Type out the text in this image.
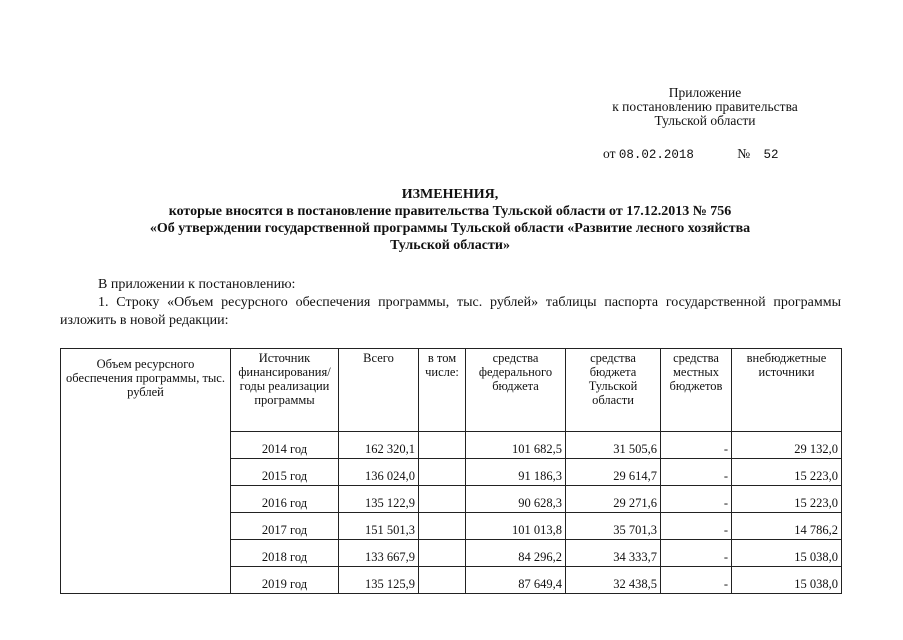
Приложение
к постановлению правительства
Тульской области
от 08.02.2018	№ 52
ИЗМЕНЕНИЯ,
которые вносятся в постановление правительства Тульской области от 17.12.2013 № 756
«Об утверждении государственной программы Тульской области «Развитие лесного хозяйства
Тульской области»

В приложении к постановлению:

1. Строку «Объем ресурсного обеспечения программы, тыс. рублей» таблицы паспорта государственной программы изложить в новой редакции:

Объем ресурсного обеспечения программы, тыс. рублей	Источник финансирования/ годы реализации программы	Всего	в том числе:	средства федерального бюджета	средства бюджета Тульской области	средства местных бюджетов	внебюджетные источники
	2014 год	162 320,1		101 682,5	31 505,6	-	29 132,0
	2015 год	136 024,0		91 186,3	29 614,7	-	15 223,0
	2016 год	135 122,9		90 628,3	29 271,6	-	15 223,0
	2017 год	151 501,3		101 013,8	35 701,3	-	14 786,2
	2018 год	133 667,9		84 296,2	34 333,7	-	15 038,0
	2019 год	135 125,9		87 649,4	32 438,5	-	15 038,0
